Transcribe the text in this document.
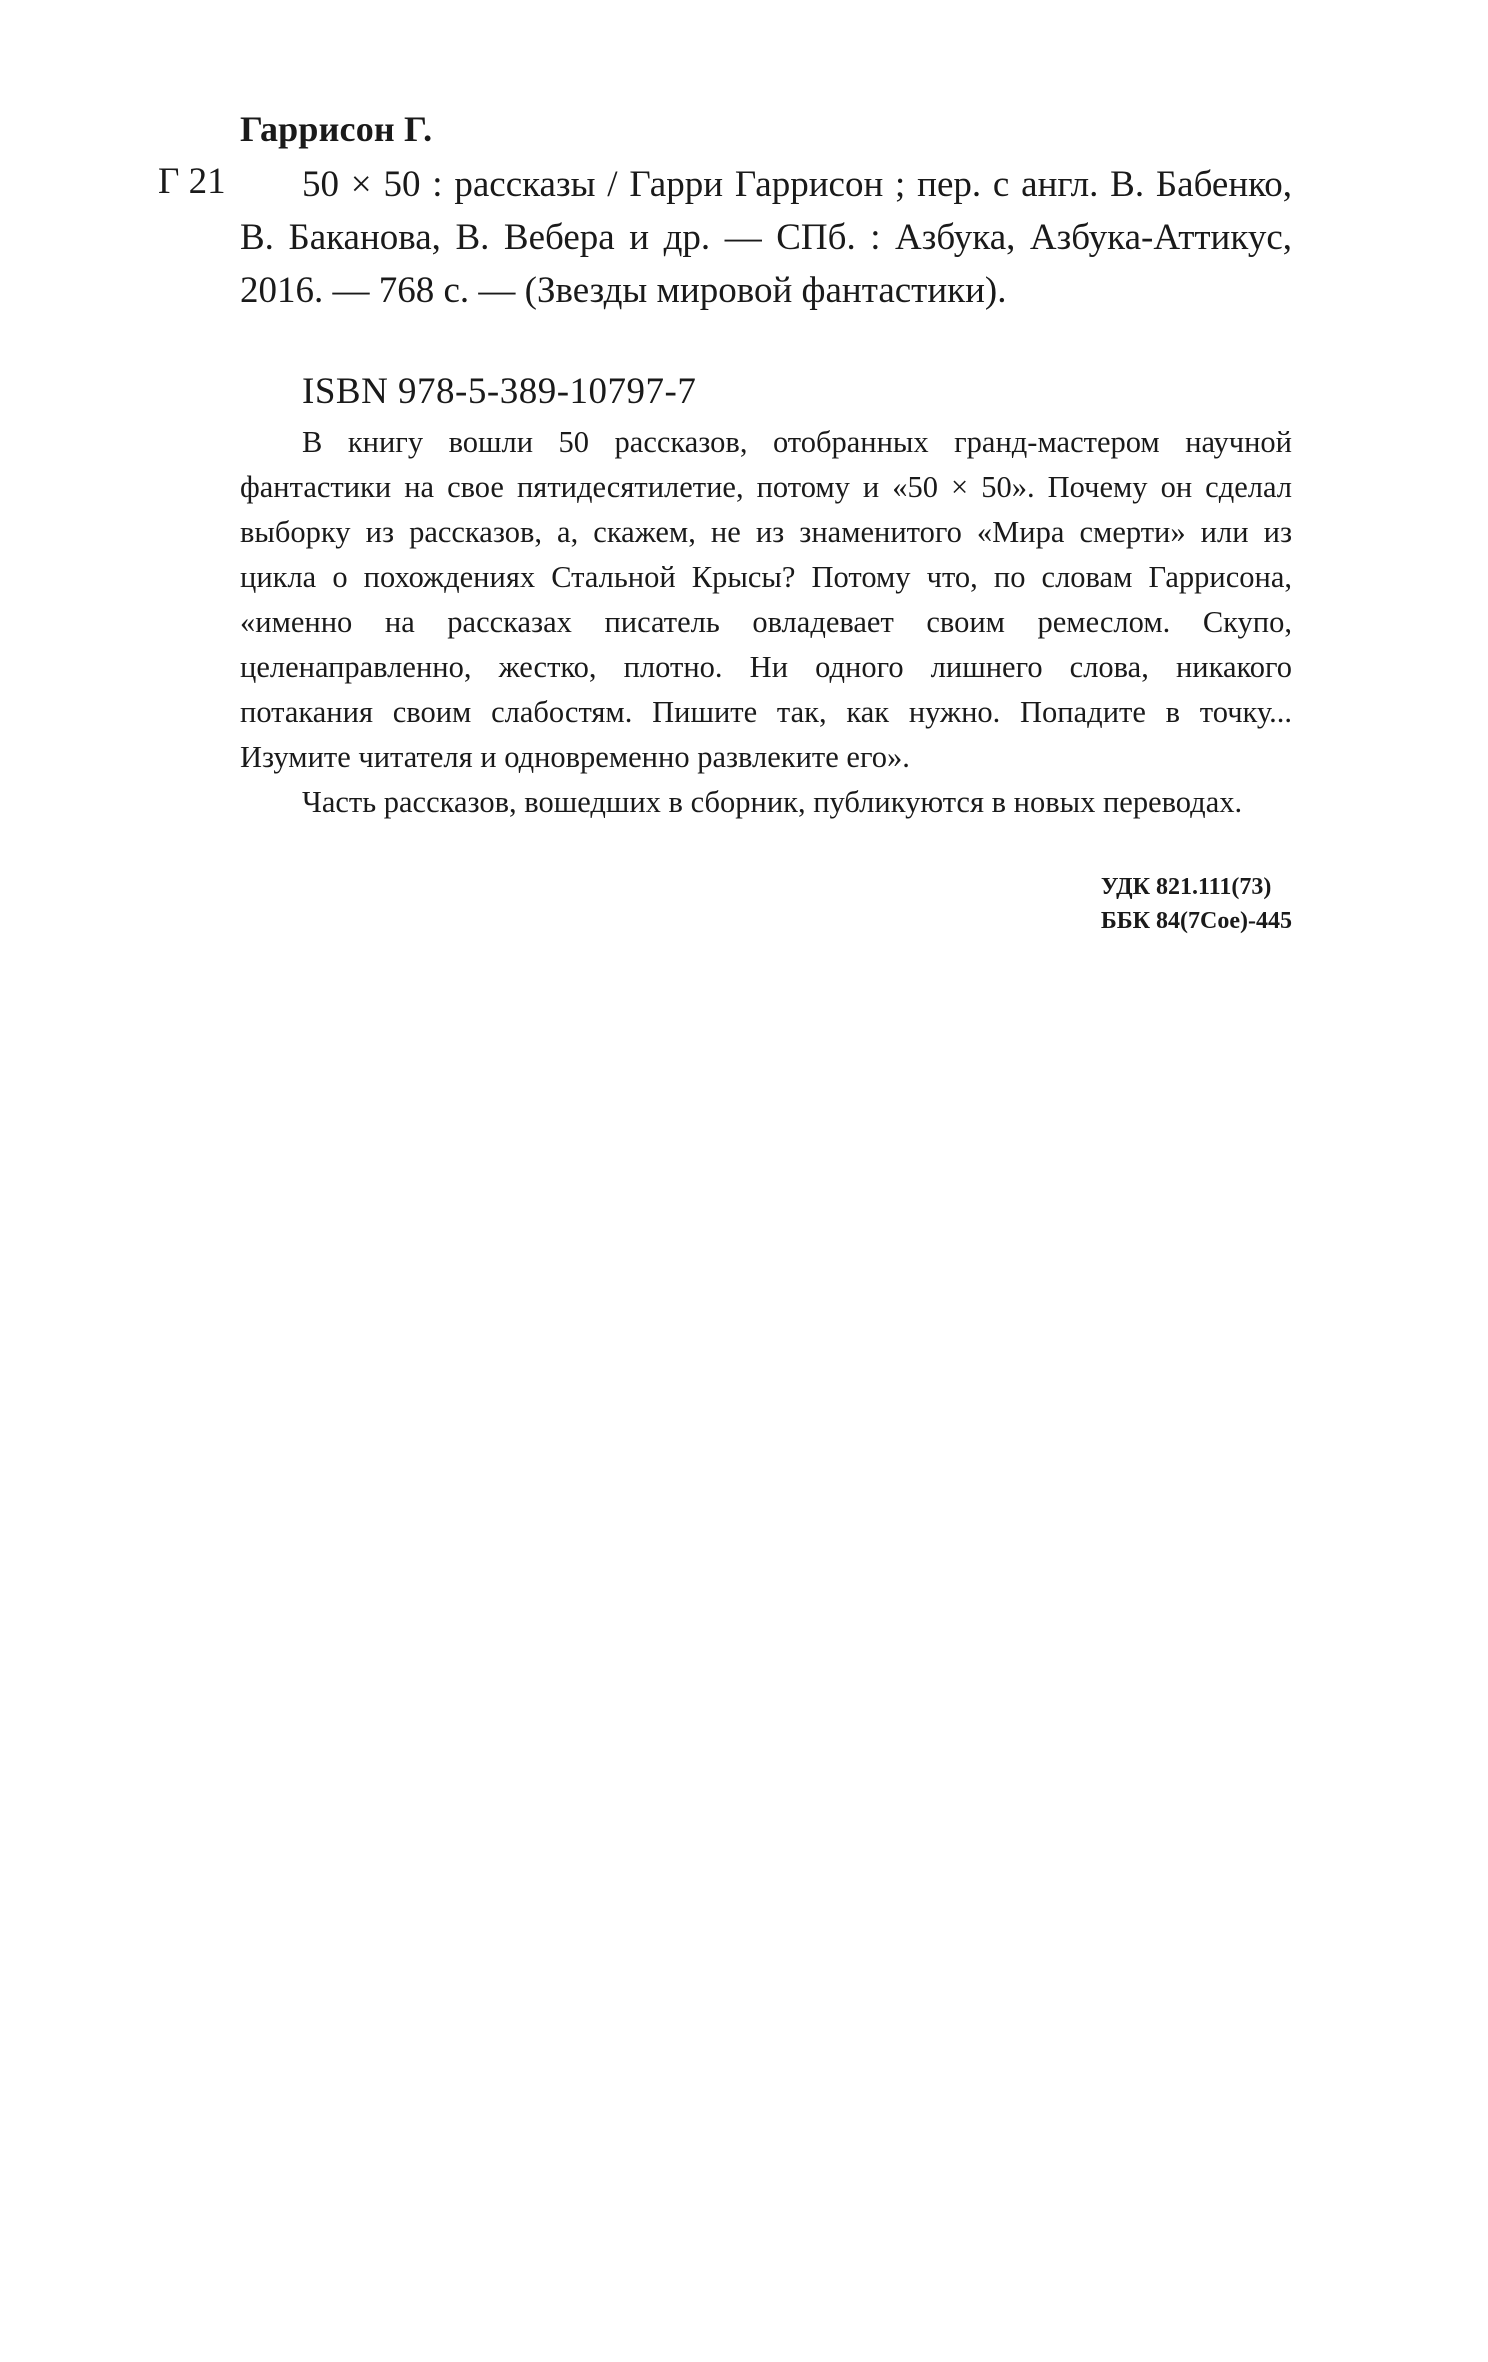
Гаррисон Г.
Г 21	50 × 50 : рассказы / Гарри Гаррисон ; пер. с англ. В. Бабенко, В. Баканова, В. Вебера и др. — СПб. : Азбука, Азбука-Аттикус, 2016. — 768 с. — (Звезды мировой фантастики).
ISBN 978-5-389-10797-7

В книгу вошли 50 рассказов, отобранных гранд-мастером научной фантастики на свое пятидесятилетие, потому и «50 × 50». Почему он сделал выборку из рассказов, а, скажем, не из знаменитого «Мира смерти» или из цикла о похождениях Стальной Крысы? Потому что, по словам Гаррисона, «именно на рассказах писатель овладевает своим ремеслом. Скупо, целенаправленно, жестко, плотно. Ни одного лишнего слова, никакого потакания своим слабостям. Пишите так, как нужно. Попадите в точку... Изумите читателя и одновременно развлеките его».

Часть рассказов, вошедших в сборник, публикуются в новых переводах.

УДК 821.111(73)
ББК 84(7Сое)-445
